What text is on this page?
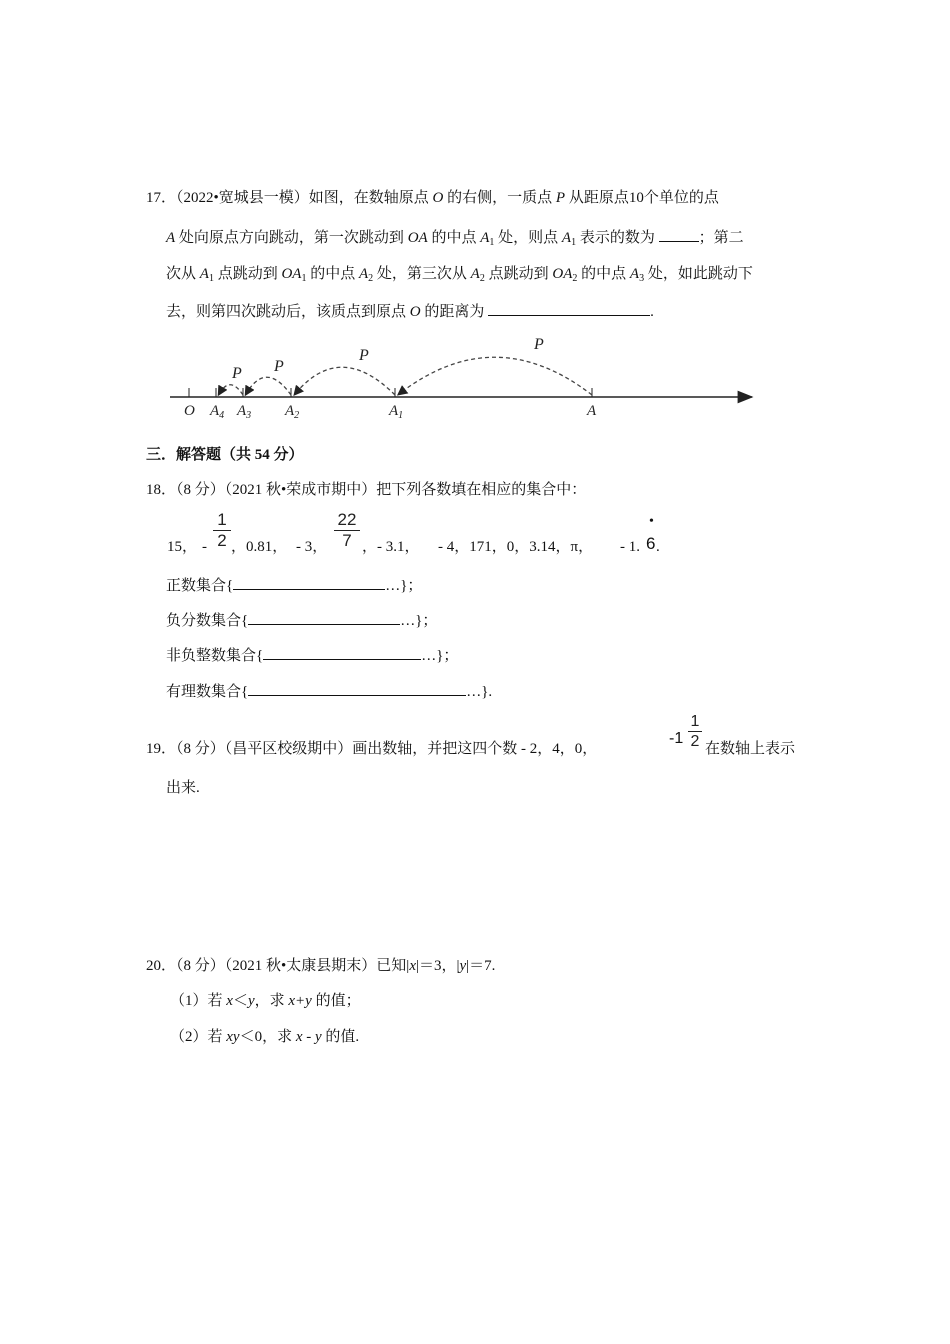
17．（2022•宽城县一模）如图，在数轴原点 O 的右侧，一质点 P 从距原点10个单位的点
A 处向原点方向跳动，第一次跳动到 OA 的中点 $A_1$ 处，则点 $A_1$ 表示的数为	；第二
次从 $A_1$ 点跳动到 $OA_1$ 的中点 $A_2$ 处，第三次从 $A_2$ 点跳动到 $OA_2$ 的中点 $A_3$ 处，如此跳动下
去，则第四次跳动后，该质点到原点 O 的距离为	.
P
P
P
P
O $A_4$ $A_3$ $A_2$	$A_1$	A
三．解答题（共 54 分）
18．（8 分）（2021 秋•荣成市期中）把下列各数填在相应的集合中：
15， -
1
2 ，0.81， - 3，
22
7 ，- 3.1， - 4，171，0，3.14，π， - 1.
•
6 .
正数集合{	…}；
负分数集合{	…}；
非负整数集合{	…}；
有理数集合{	…}.
19．（8 分）（昌平区校级期中）画出数轴，并把这四个数 - 2，4，0，
-1
1
2 在数轴上表示
出来.
20．（8 分）（2021 秋•太康县期末）已知|x|＝3，|y|＝7.
（1）若 x＜y，求 x+y 的值；
（2）若 xy＜0，求 x - y 的值.
